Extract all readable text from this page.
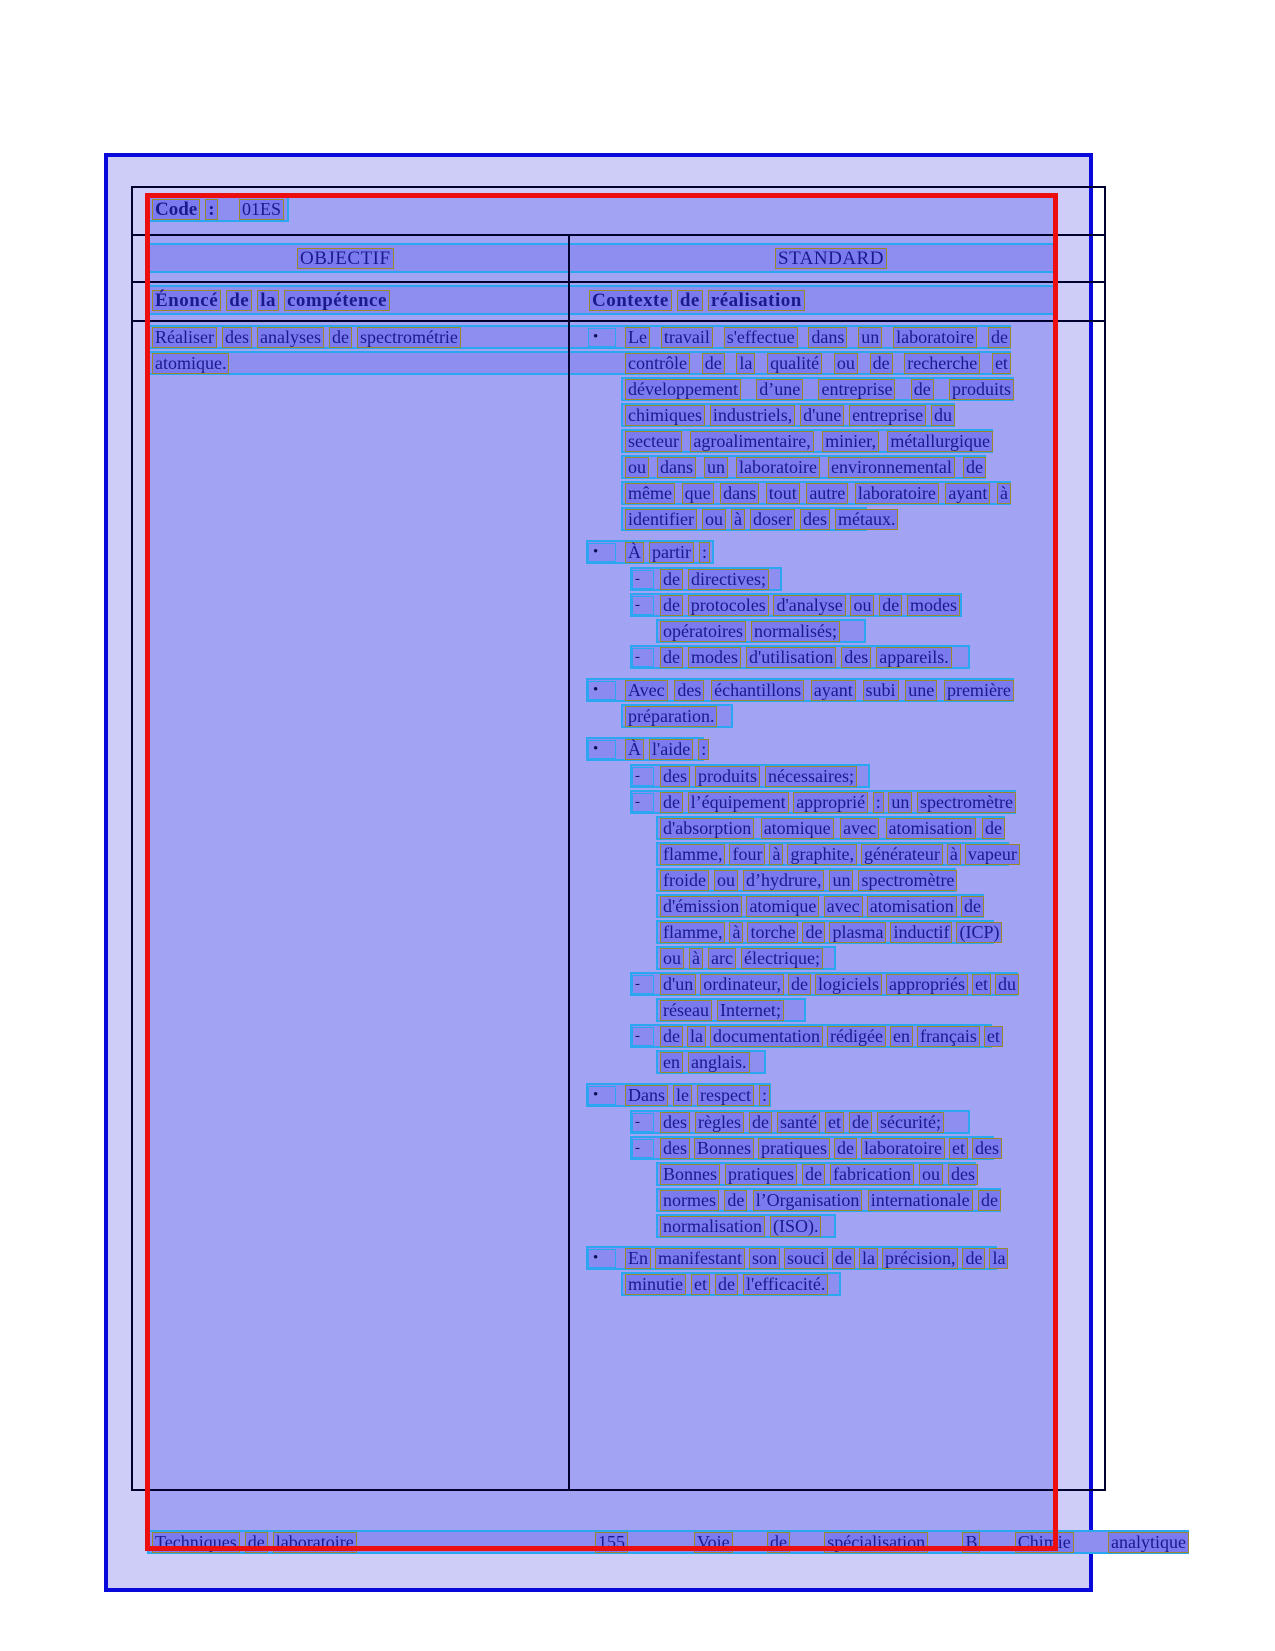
Code : 01ES
OBJECTIF	STANDARD
Énoncé de la compétence	Contexte de réalisation
Réaliser des analyses de spectrométrie	•	Le travail s'effectue dans un laboratoire de
atomique.	contrôle de la qualité ou de recherche et
développement d’une entreprise de produits
chimiques industriels, d'une entreprise du
secteur agroalimentaire, minier, métallurgique
ou dans un laboratoire environnemental de
même que dans tout autre laboratoire ayant à
identifier ou à doser des métaux.
•	À partir :
-	de directives;
-	de protocoles d'analyse ou de modes
opératoires normalisés;
-	de modes d'utilisation des appareils.
•	Avec des échantillons ayant subi une première
préparation.
•	À l'aide :
-	des produits nécessaires;
-	de l’équipement approprié : un spectromètre
d'absorption atomique avec atomisation de
flamme, four à graphite, générateur à vapeur
froide ou d’hydrure, un spectromètre
d'émission atomique avec atomisation de
flamme, à torche de plasma inductif (ICP)
ou à arc électrique;
-	d'un ordinateur, de logiciels appropriés et du
réseau Internet;
-	de la documentation rédigée en français et
en anglais.
•	Dans le respect :
-	des règles de santé et de sécurité;
-	des Bonnes pratiques de laboratoire et des
Bonnes pratiques de fabrication ou des
normes de l’Organisation internationale de
normalisation (ISO).
•	En manifestant son souci de la précision, de la
minutie et de l'efficacité.
Techniques de laboratoire	155	Voie de spécialisation B Chimie analytique
